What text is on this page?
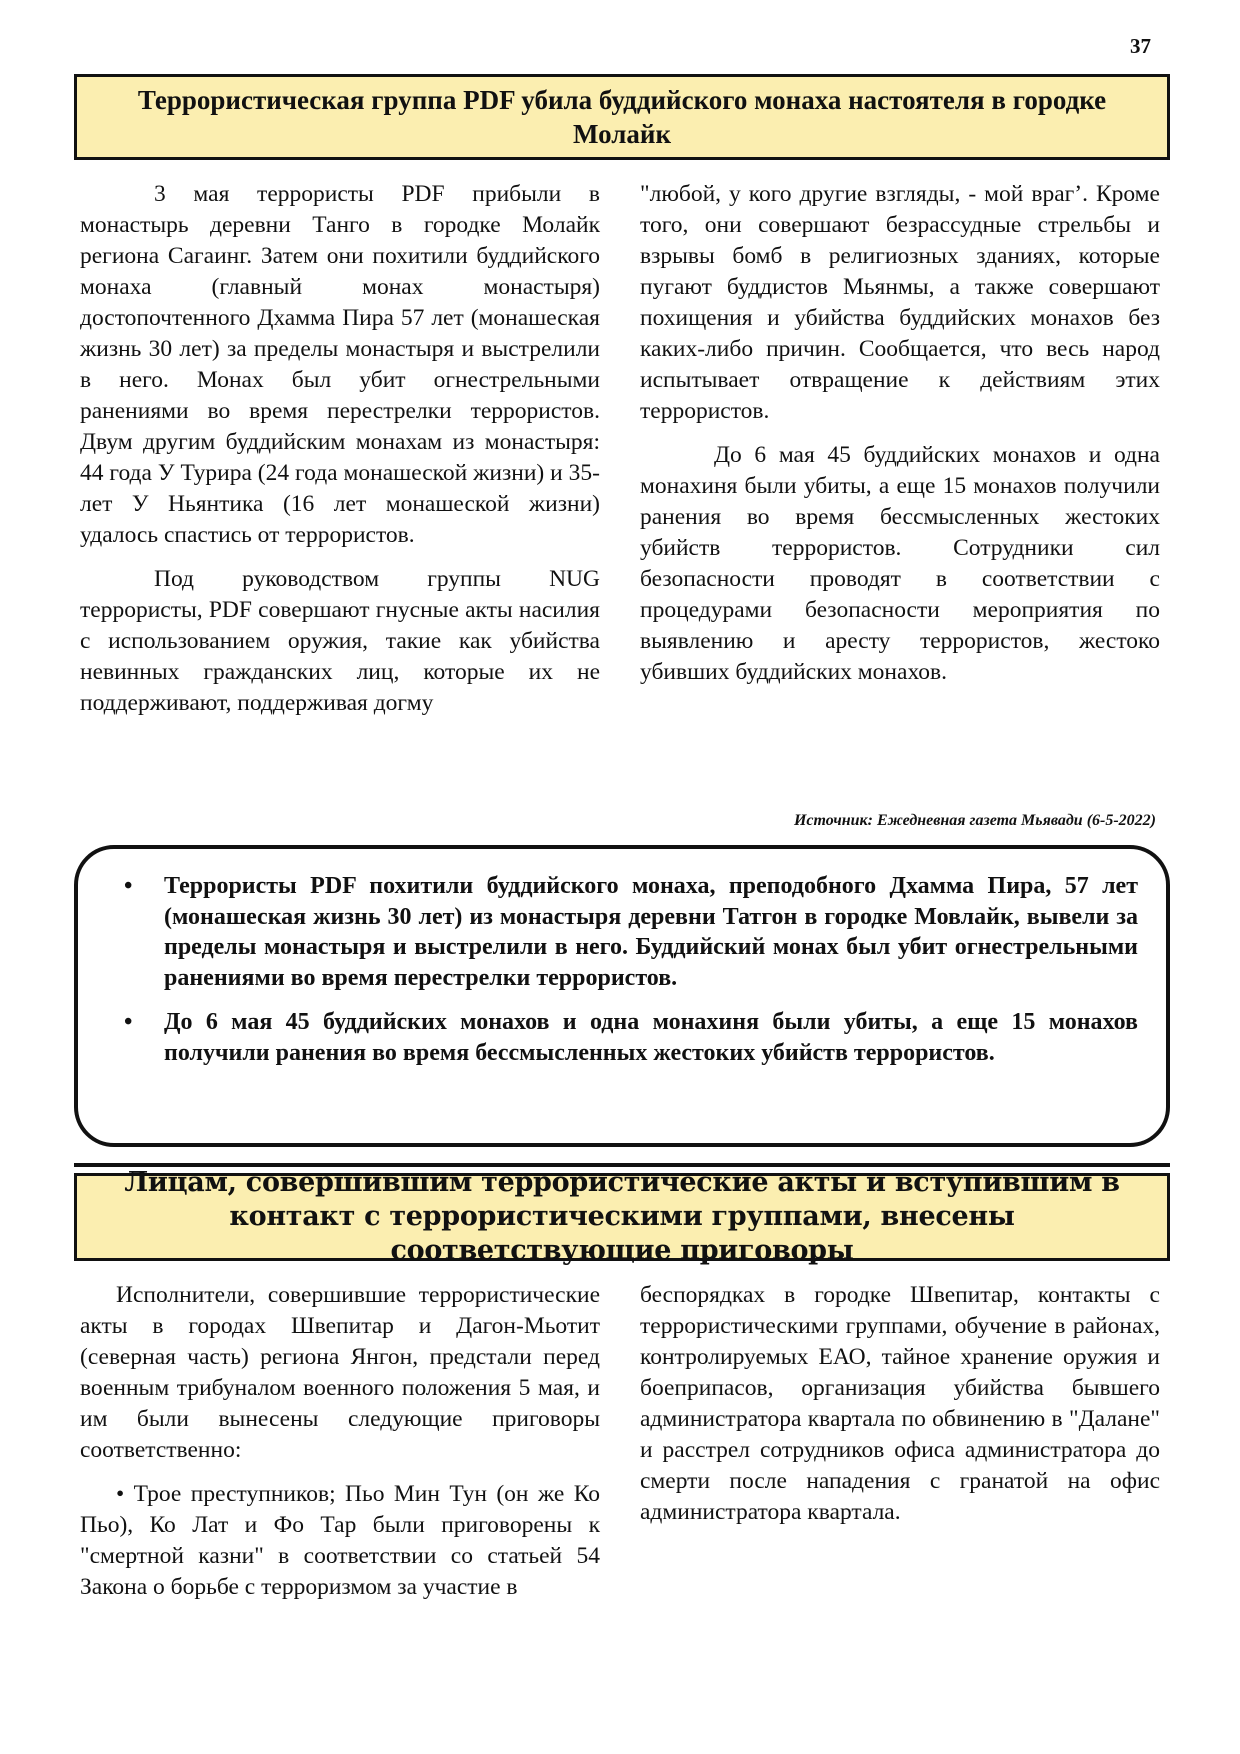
37
Террористическая группа PDF убила буддийского монаха настоятеля в городке Молайк

3 мая террористы PDF прибыли в монастырь деревни Танго в городке Молайк региона Сагаинг. Затем они похитили буддийского монаха (главный монах монастыря) достопочтенного Дхамма Пира 57 лет (монашеская жизнь 30 лет) за пределы монастыря и выстрелили в него. Монах был убит огнестрельными ранениями во время перестрелки террористов. Двум другим буддийским монахам из монастыря: 44 года У Турира (24 года монашеской жизни) и 35-лет У Ньянтика (16 лет монашеской жизни) удалось спастись от террористов.

Под руководством группы NUG террористы, PDF совершают гнусные акты насилия с использованием оружия, такие как убийства невинных гражданских лиц, которые их не поддерживают, поддерживая догму

"любой, у кого другие взгляды, - мой враг’. Кроме того, они совершают безрассудные стрельбы и взрывы бомб в религиозных зданиях, которые пугают буддистов Мьянмы, а также совершают похищения и убийства буддийских монахов без каких-либо причин. Сообщается, что весь народ испытывает отвращение к действиям этих террористов.

До 6 мая 45 буддийских монахов и одна монахиня были убиты, а еще 15 монахов получили ранения во время бессмысленных жестоких убийств террористов. Сотрудники сил безопасности проводят в соответствии с процедурами безопасности мероприятия по выявлению и аресту террористов, жестоко убивших буддийских монахов.

Источник: Ежедневная газета Мьявади (6-5-2022)
• Террористы PDF похитили буддийского монаха, преподобного Дхамма Пира, 57 лет (монашеская жизнь 30 лет) из монастыря деревни Татгон в городке Мовлайк, вывели за пределы монастыря и выстрелили в него. Буддийский монах был убит огнестрельными ранениями во время перестрелки террористов.
• До 6 мая 45 буддийских монахов и одна монахиня были убиты, а еще 15 монахов получили ранения во время бессмысленных жестоких убийств террористов.
Лицам, совершившим террористические акты и вступившим в контакт с террористическими группами, внесены соответствующие приговоры

Исполнители, совершившие террористические акты в городах Швепитар и Дагон-Мьотит (северная часть) региона Янгон, предстали перед военным трибуналом военного положения 5 мая, и им были вынесены следующие приговоры соответственно:

• Трое преступников; Пьо Мин Тун (он же Ко Пьо), Ко Лат и Фо Тар были приговорены к "смертной казни" в соответствии со статьей 54 Закона о борьбе с терроризмом за участие в

беспорядках в городке Швепитар, контакты с террористическими группами, обучение в районах, контролируемых ЕАО, тайное хранение оружия и боеприпасов, организация убийства бывшего администратора квартала по обвинению в "Далане" и расстрел сотрудников офиса администратора до смерти после нападения с гранатой на офис администратора квартала.
